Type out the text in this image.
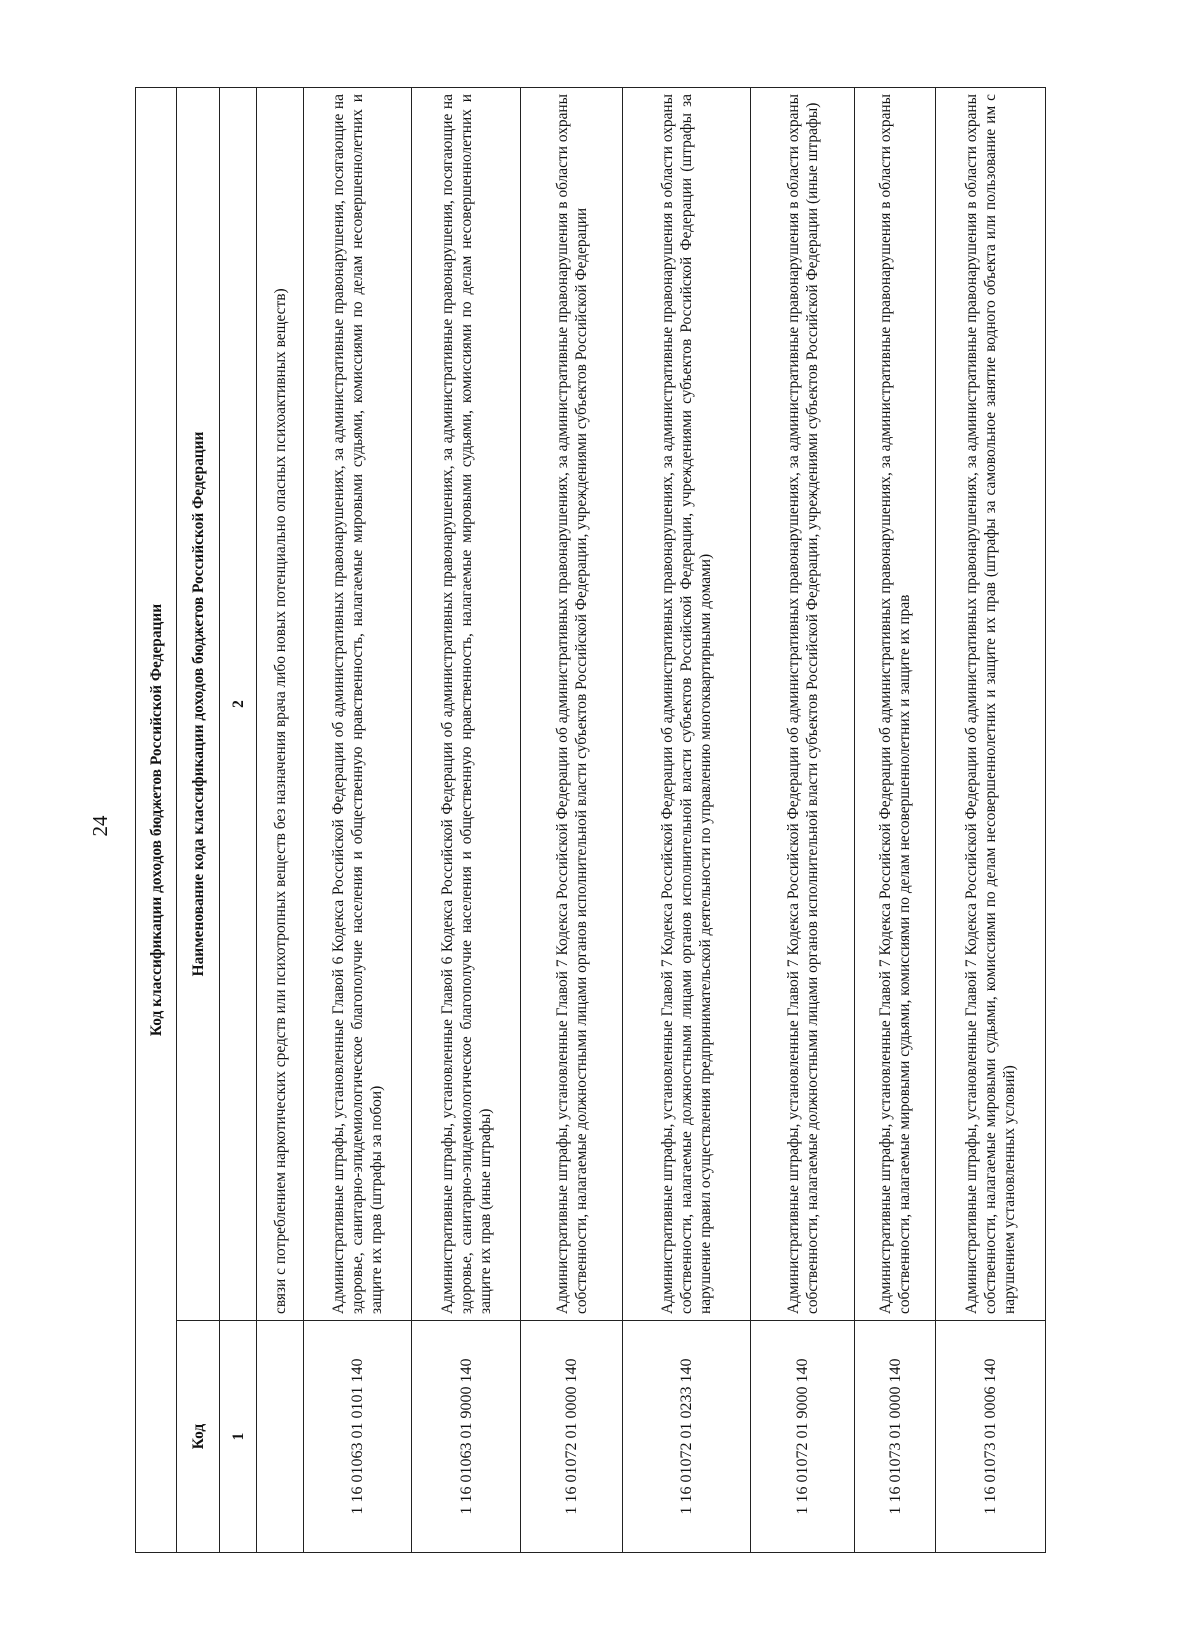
24 Код классификации доходов бюджетов Российской Федерации	
Код	Наименование кода классификации доходов бюджетов Российской Федерации
1	2

	связи с потреблением наркотических средств или психотропных веществ без назначения врача либо новых потенциально опасных психоактивных веществ)

1 16 01063 01 0101 140	Административные штрафы, установленные Главой 6 Кодекса Российской Федерации об административных правонарушениях, за административные правонарушения, посягающие на здоровье, санитарно-эпидемиологическое благополучие населения и общественную нравственность, налагаемые мировыми судьями, комиссиями по делам несовершеннолетних и защите их прав (штрафы за побои)

1 16 01063 01 9000 140	Административные штрафы, установленные Главой 6 Кодекса Российской Федерации об административных правонарушениях, за административные правонарушения, посягающие на здоровье, санитарно-эпидемиологическое благополучие населения и общественную нравственность, налагаемые мировыми судьями, комиссиями по делам несовершеннолетних и защите их прав (иные штрафы)

1 16 01072 01 0000 140	Административные штрафы, установленные Главой 7 Кодекса Российской Федерации об административных правонарушениях, за административные правонарушения в области охраны собственности, налагаемые должностными лицами органов исполнительной власти субъектов Российской Федерации, учреждениями субъектов Российской Федерации

1 16 01072 01 0233 140	Административные штрафы, установленные Главой 7 Кодекса Российской Федерации об административных правонарушениях, за административные правонарушения в области охраны собственности, налагаемые должностными лицами органов исполнительной власти субъектов Российской Федерации, учреждениями субъектов Российской Федерации (штрафы за нарушение правил осуществления предпринимательской деятельности по управлению многоквартирными домами)

1 16 01072 01 9000 140	Административные штрафы, установленные Главой 7 Кодекса Российской Федерации об административных правонарушениях, за административные правонарушения в области охраны собственности, налагаемые должностными лицами органов исполнительной власти субъектов Российской Федерации, учреждениями субъектов Российской Федерации (иные штрафы)

1 16 01073 01 0000 140	Административные штрафы, установленные Главой 7 Кодекса Российской Федерации об административных правонарушениях, за административные правонарушения в области охраны собственности, налагаемые мировыми судьями, комиссиями по делам несовершеннолетних и защите их прав

1 16 01073 01 0006 140	Административные штрафы, установленные Главой 7 Кодекса Российской Федерации об административных правонарушениях, за административные правонарушения в области охраны собственности, налагаемые мировыми судьями, комиссиями по делам несовершеннолетних и защите их прав (штрафы за самовольное занятие водного объекта или пользование им с нарушением установленных условий)
